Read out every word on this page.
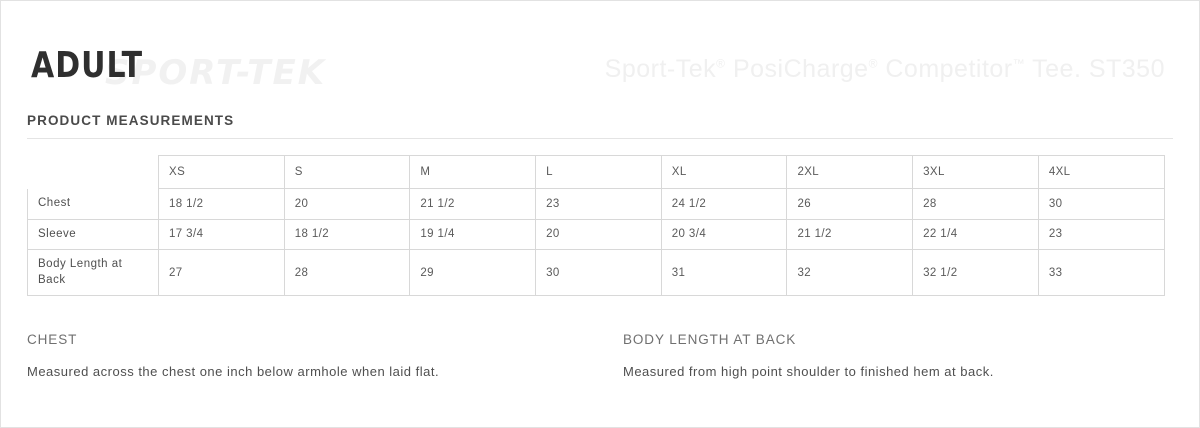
SPORT-TEK
ADULT	Sport-Tek® PosiCharge® Competitor™ Tee. ST350
PRODUCT MEASUREMENTS
	XS	S	M	L	XL	2XL	3XL	4XL
Chest	18 1/2	20	21 1/2	23	24 1/2	26	28	30
Sleeve	17 3/4	18 1/2	19 1/4	20	20 3/4	21 1/2	22 1/4	23
Body Length at Back	27	28	29	30	31	32	32 1/2	33
CHEST
Measured across the chest one inch below armhole when laid flat.
BODY LENGTH AT BACK
Measured from high point shoulder to finished hem at back.
